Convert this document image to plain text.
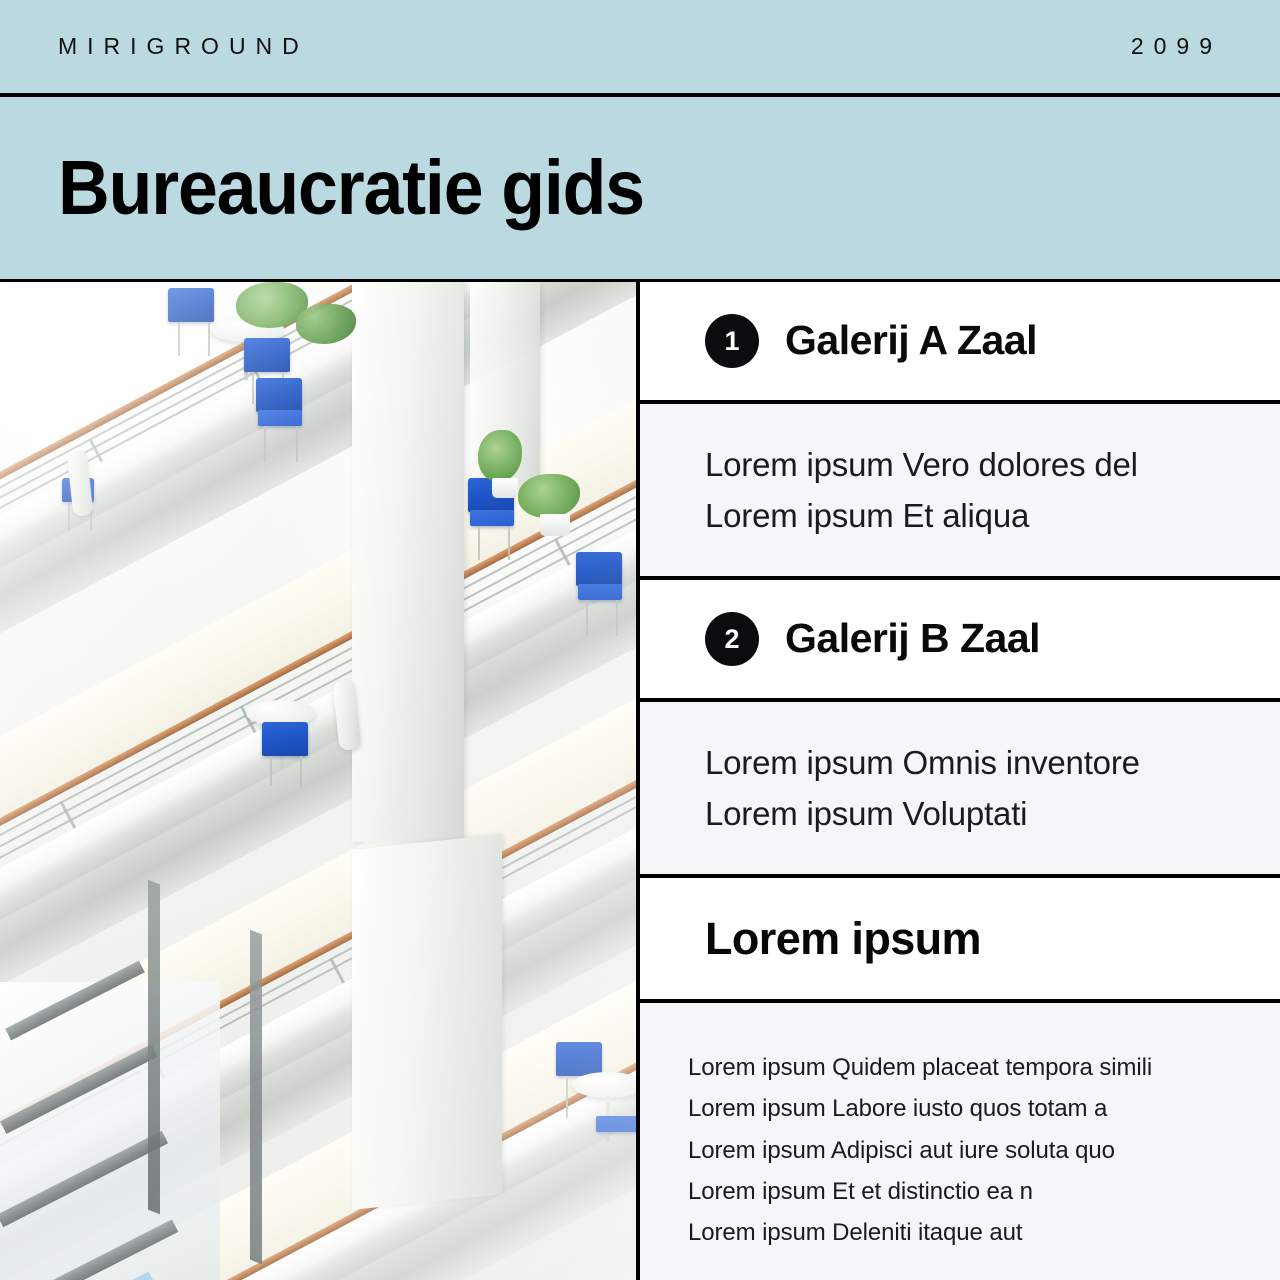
MIRIGROUND	2099
Bureaucratie gids
1	Galerij A Zaal
Lorem ipsum Vero dolores del
Lorem ipsum Et aliqua
2	Galerij B Zaal
Lorem ipsum Omnis inventore
Lorem ipsum Voluptati
Lorem ipsum
Lorem ipsum Quidem placeat tempora simili
Lorem ipsum Labore iusto quos totam a
Lorem ipsum Adipisci aut iure soluta quo
Lorem ipsum Et et distinctio ea n
Lorem ipsum Deleniti itaque aut
